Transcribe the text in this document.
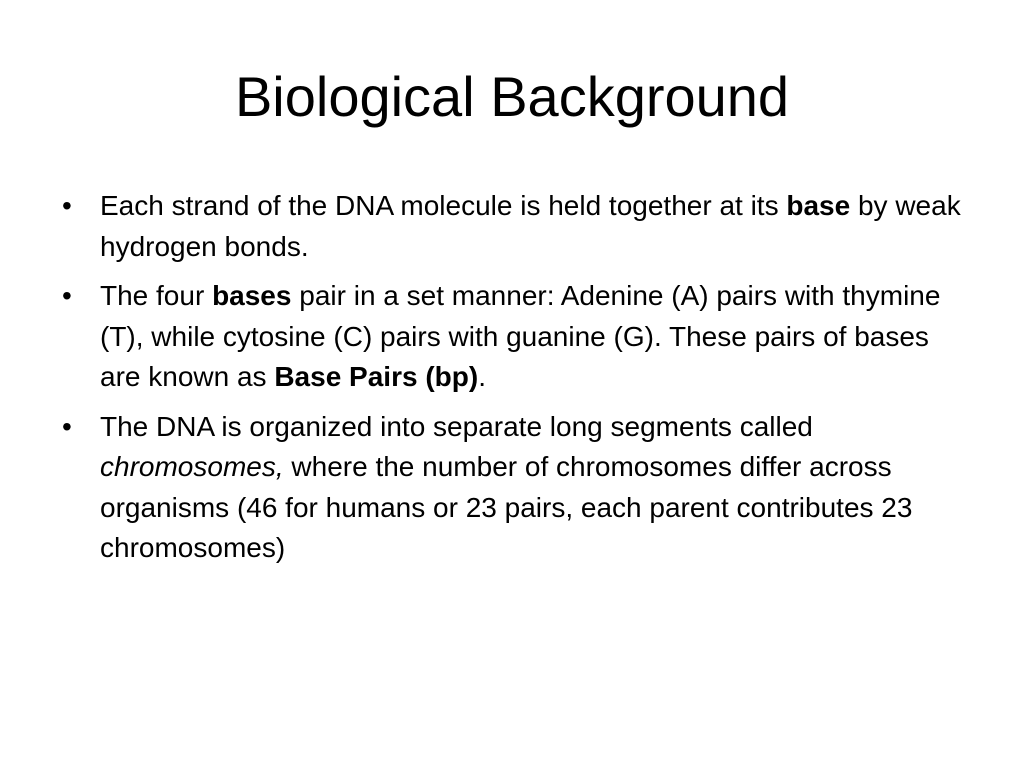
Biological Background
• Each strand of the DNA molecule is held together at its base by weak hydrogen bonds.
• The four bases pair in a set manner: Adenine (A) pairs with thymine (T), while cytosine (C) pairs with guanine (G). These pairs of bases are known as Base Pairs (bp).
• The DNA is organized into separate long segments called chromosomes, where the number of chromosomes differ across organisms (46 for humans or 23 pairs, each parent contributes 23 chromosomes)
